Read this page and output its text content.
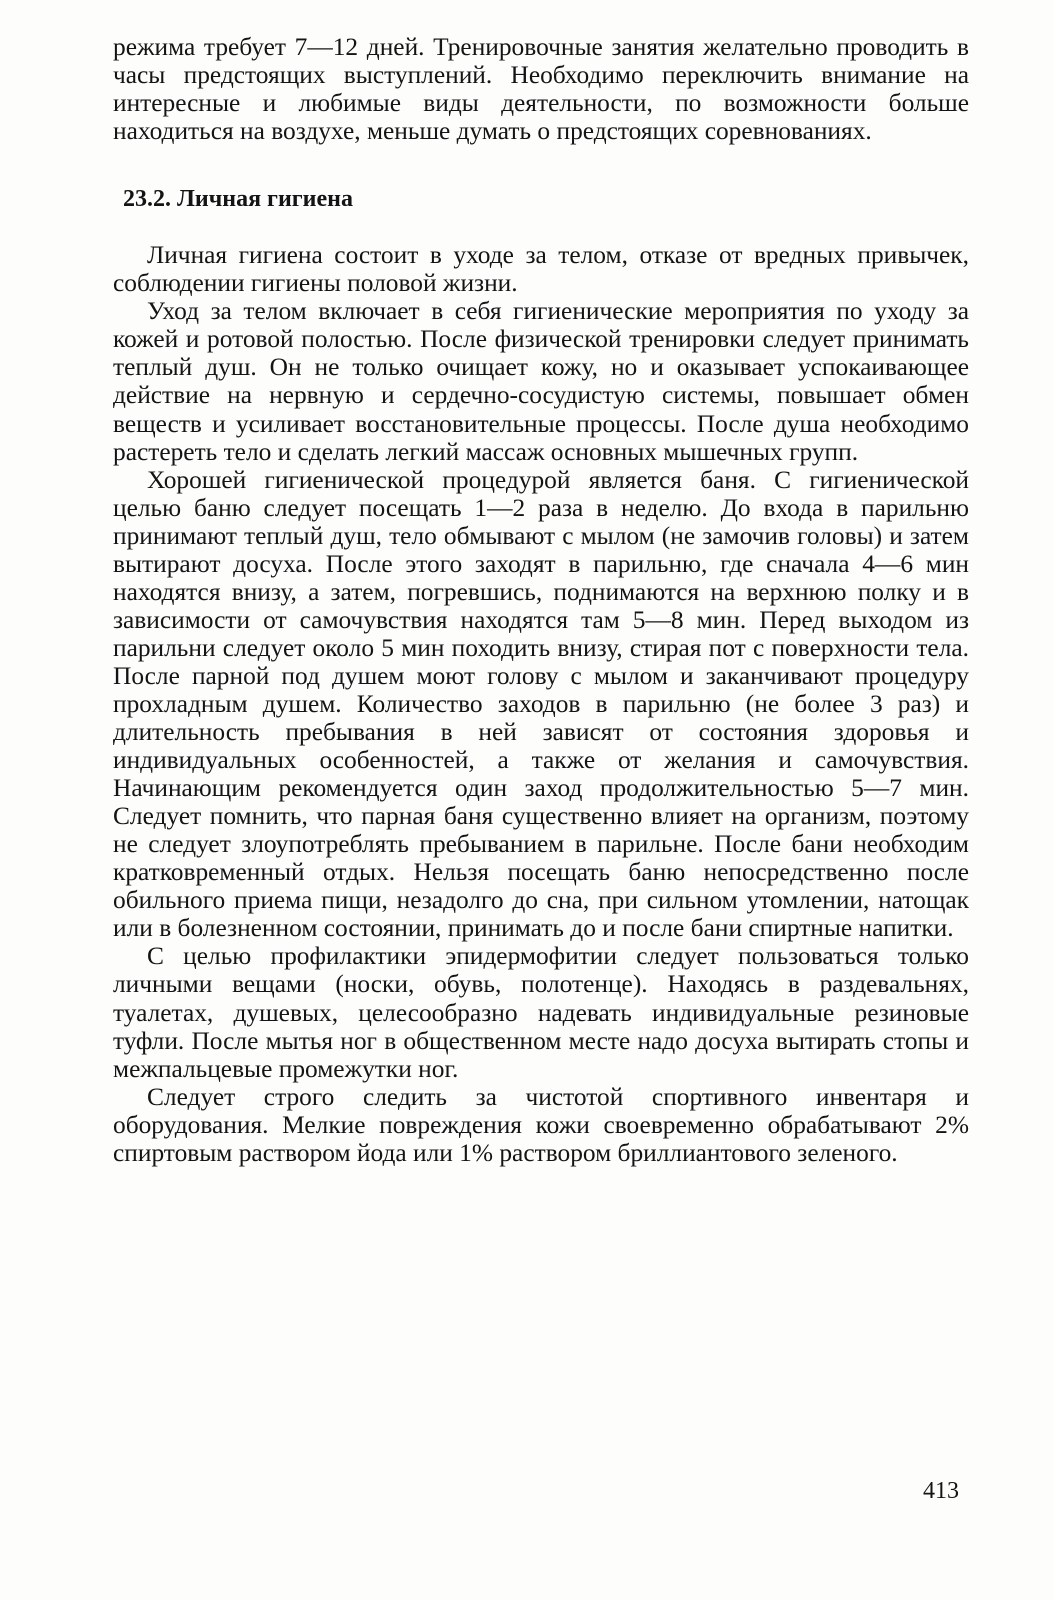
режима требует 7—12 дней. Тренировочные занятия желательно проводить в часы предстоящих выступлений. Необходимо переключить внимание на интересные и любимые виды деятельности, по возможности больше находиться на воздухе, меньше думать о предстоящих соревнованиях.

23.2. Личная гигиена

Личная гигиена состоит в уходе за телом, отказе от вредных привычек, соблюдении гигиены половой жизни.

Уход за телом включает в себя гигиенические мероприятия по уходу за кожей и ротовой полостью. После физической тренировки следует принимать теплый душ. Он не только очищает кожу, но и оказывает успокаивающее действие на нервную и сердечно-сосудистую системы, повышает обмен веществ и усиливает восстановительные процессы. После душа необходимо растереть тело и сделать легкий массаж основных мышечных групп.

Хорошей гигиенической процедурой является баня. С гигиенической целью баню следует посещать 1—2 раза в неделю. До входа в парильню принимают теплый душ, тело обмывают с мылом (не замочив головы) и затем вытирают досуха. После этого заходят в парильню, где сначала 4—6 мин находятся внизу, а затем, погревшись, поднимаются на верхнюю полку и в зависимости от самочувствия находятся там 5—8 мин. Перед выходом из парильни следует около 5 мин походить внизу, стирая пот с поверхности тела. После парной под душем моют голову с мылом и заканчивают процедуру прохладным душем. Количество заходов в парильню (не более 3 раз) и длительность пребывания в ней зависят от состояния здоровья и индивидуальных особенностей, а также от желания и самочувствия. Начинающим рекомендуется один заход продолжительностью 5—7 мин. Следует помнить, что парная баня существенно влияет на организм, поэтому не следует злоупотреблять пребыванием в парильне. После бани необходим кратковременный отдых. Нельзя посещать баню непосредственно после обильного приема пищи, незадолго до сна, при сильном утомлении, натощак или в болезненном состоянии, принимать до и после бани спиртные напитки.

С целью профилактики эпидермофитии следует пользоваться только личными вещами (носки, обувь, полотенце). Находясь в раздевальнях, туалетах, душевых, целесообразно надевать индивидуальные резиновые туфли. После мытья ног в общественном месте надо досуха вытирать стопы и межпальцевые промежутки ног.

Следует строго следить за чистотой спортивного инвентаря и оборудования. Мелкие повреждения кожи своевременно обрабатывают 2% спиртовым раствором йода или 1% раствором бриллиантового зеленого.

413
